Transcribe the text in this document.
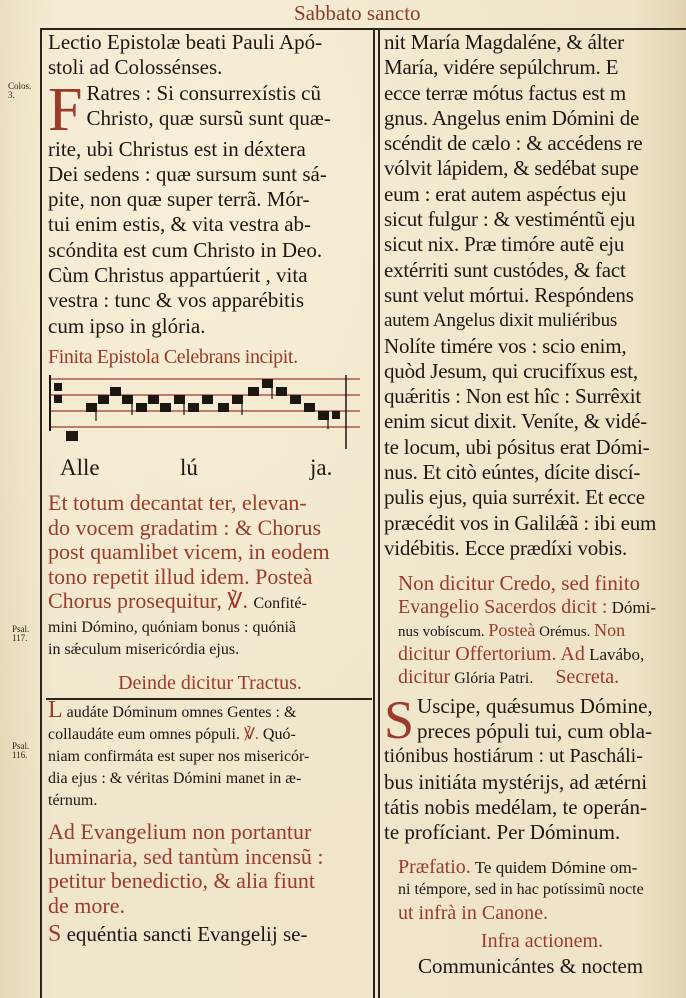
Sabbato sancto
Colos. 3.
Psal. 117.
Psal. 116.
Lectio Epistolæ beati Pauli Apó-
stoli ad Colossénses.
F Ratres : Si consurrexístis cũ
Christo, quæ sursũ sunt quæ-
rite, ubi Christus est in déxtera
Dei sedens : quæ sursum sunt sá-
pite, non quæ super terrã. Mór-
tui enim estis, & vita vestra ab-
scóndita est cum Christo in Deo.
Cùm Christus appartúerit , vita
vestra : tunc & vos apparébitis
cum ipso in glória.
Finita Epistola Celebrans incipit.
Alle	lú	ja.
Et totum decantat ter, elevan-
do vocem gradatim : & Chorus
post quamlibet vicem, in eodem
tono repetit illud idem. Posteà
Chorus prosequitur, ℣. Confité-
mini Dómino, quóniam bonus : quóniã
in sǽculum misericórdia ejus.
Deinde dicitur Tractus.
L audáte Dóminum omnes Gentes : &
collaudáte eum omnes pópuli. ℣. Quó-
niam confirmáta est super nos misericór-
dia ejus : & véritas Dómini manet in æ-
térnum.
Ad Evangelium non portantur
luminaria, sed tantùm incensũ :
petitur benedictio, & alia fiunt
de more.
S equéntia sancti Evangelij se-
nit María Magdaléne, & álter
María, vidére sepúlchrum. E
ecce terræ mótus factus est m
gnus. Angelus enim Dómini de
scéndit de cælo : & accédens re
vólvit lápidem, & sedébat supe
eum : erat autem aspéctus eju
sicut fulgur : & vestiméntũ eju
sicut nix. Præ timóre autẽ eju
extérriti sunt custódes, & fact
sunt velut mórtui. Respóndens
autem Angelus dixit muliéribus
Nolíte timére vos : scio enim,
quòd Jesum, qui crucifíxus est,
quǽritis : Non est hîc : Surrêxit
enim sicut dixit. Veníte, & vidé-
te locum, ubi pósitus erat Dómi-
nus. Et citò eúntes, dícite discí-
pulis ejus, quia surréxit. Et ecce
præcédit vos in Galilǽã : ibi eum
vidébitis. Ecce prædíxi vobis.
Non dicitur Credo, sed finito
Evangelio Sacerdos dicit : Dómi-
nus vobíscum. Posteà Orémus. Non
dicitur Offertorium. Ad Lavábo,
dicitur Glória Patri. Secreta.
S Uscipe, quǽsumus Dómine,
preces pópuli tui, cum obla-
tiónibus hostiárum : ut Pascháli-
bus initiáta mystérijs, ad ætérni
tátis nobis medélam, te operán-
te profíciant. Per Dóminum.
Præfatio. Te quidem Dómine om-
ni témpore, sed in hac potíssimũ nocte
ut infrà in Canone.
Infra actionem.
Communicántes & noctem
